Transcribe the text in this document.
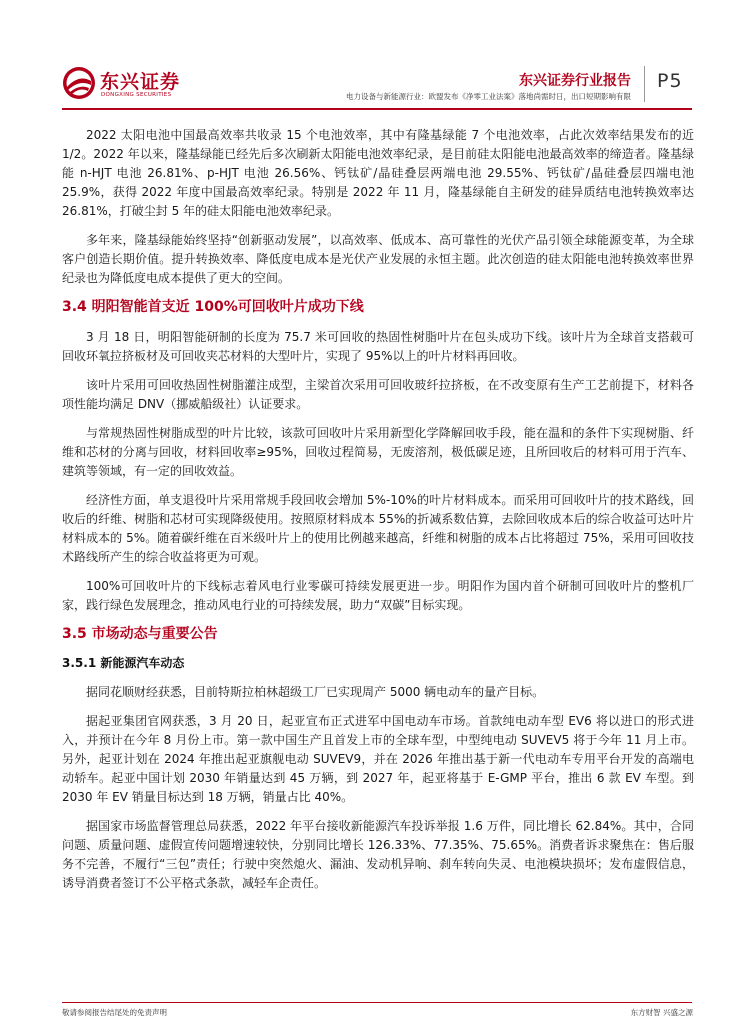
东兴证券
DONGXING SECURITIES
东兴证券行业报告
电力设备与新能源行业：欧盟发布《净零工业法案》落地尚需时日，出口短期影响有限
P5

2022 太阳电池中国最高效率共收录 15 个电池效率，其中有隆基绿能 7 个电池效率，占此次效率结果发布的近 1/2。2022 年以来，隆基绿能已经先后多次刷新太阳能电池效率纪录，是目前硅太阳能电池最高效率的缔造者。隆基绿能 n-HJT 电池 26.81%、p-HJT 电池 26.56%、钙钛矿/晶硅叠层两端电池 29.55%、钙钛矿/晶硅叠层四端电池 25.9%，获得 2022 年度中国最高效率纪录。特别是 2022 年 11 月，隆基绿能自主研发的硅异质结电池转换效率达 26.81%，打破尘封 5 年的硅太阳能电池效率纪录。

多年来，隆基绿能始终坚持“创新驱动发展”，以高效率、低成本、高可靠性的光伏产品引领全球能源变革，为全球客户创造长期价值。提升转换效率、降低度电成本是光伏产业发展的永恒主题。此次创造的硅太阳能电池转换效率世界纪录也为降低度电成本提供了更大的空间。

3.4 明阳智能首支近 100%可回收叶片成功下线

3 月 18 日，明阳智能研制的长度为 75.7 米可回收的热固性树脂叶片在包头成功下线。该叶片为全球首支搭载可回收环氧拉挤板材及可回收夹芯材料的大型叶片，实现了 95%以上的叶片材料再回收。

该叶片采用可回收热固性树脂灌注成型，主梁首次采用可回收玻纤拉挤板，在不改变原有生产工艺前提下，材料各项性能均满足 DNV（挪威船级社）认证要求。

与常规热固性树脂成型的叶片比较，该款可回收叶片采用新型化学降解回收手段，能在温和的条件下实现树脂、纤维和芯材的分离与回收，材料回收率≥95%，回收过程简易，无废溶剂，极低碳足迹，且所回收后的材料可用于汽车、建筑等领域，有一定的回收效益。

经济性方面，单支退役叶片采用常规手段回收会增加 5%-10%的叶片材料成本。而采用可回收叶片的技术路线，回收后的纤维、树脂和芯材可实现降级使用。按照原材料成本 55%的折减系数估算，去除回收成本后的综合收益可达叶片材料成本的 5%。随着碳纤维在百米级叶片上的使用比例越来越高，纤维和树脂的成本占比将超过 75%，采用可回收技术路线所产生的综合收益将更为可观。

100%可回收叶片的下线标志着风电行业零碳可持续发展更进一步。明阳作为国内首个研制可回收叶片的整机厂家，践行绿色发展理念，推动风电行业的可持续发展，助力“双碳”目标实现。

3.5 市场动态与重要公告
3.5.1 新能源汽车动态

据同花顺财经获悉，目前特斯拉柏林超级工厂已实现周产 5000 辆电动车的量产目标。

据起亚集团官网获悉，3 月 20 日，起亚宣布正式进军中国电动车市场。首款纯电动车型 EV6 将以进口的形式进入，并预计在今年 8 月份上市。第一款中国生产且首发上市的全球车型，中型纯电动 SUVEV5 将于今年 11 月上市。另外，起亚计划在 2024 年推出起亚旗舰电动 SUVEV9，并在 2026 年推出基于新一代电动车专用平台开发的高端电动轿车。起亚中国计划 2030 年销量达到 45 万辆，到 2027 年，起亚将基于 E-GMP 平台，推出 6 款 EV 车型。到 2030 年 EV 销量目标达到 18 万辆，销量占比 40%。

据国家市场监督管理总局获悉，2022 年平台接收新能源汽车投诉举报 1.6 万件，同比增长 62.84%。其中，合同问题、质量问题、虚假宣传问题增速较快，分别同比增长 126.33%、77.35%、75.65%。消费者诉求聚焦在：售后服务不完善，不履行“三包”责任；行驶中突然熄火、漏油、发动机异响、刹车转向失灵、电池模块损坏；发布虚假信息，诱导消费者签订不公平格式条款，减轻车企责任。

敬请参阅报告结尾处的免责声明	东方财智 兴盛之源
